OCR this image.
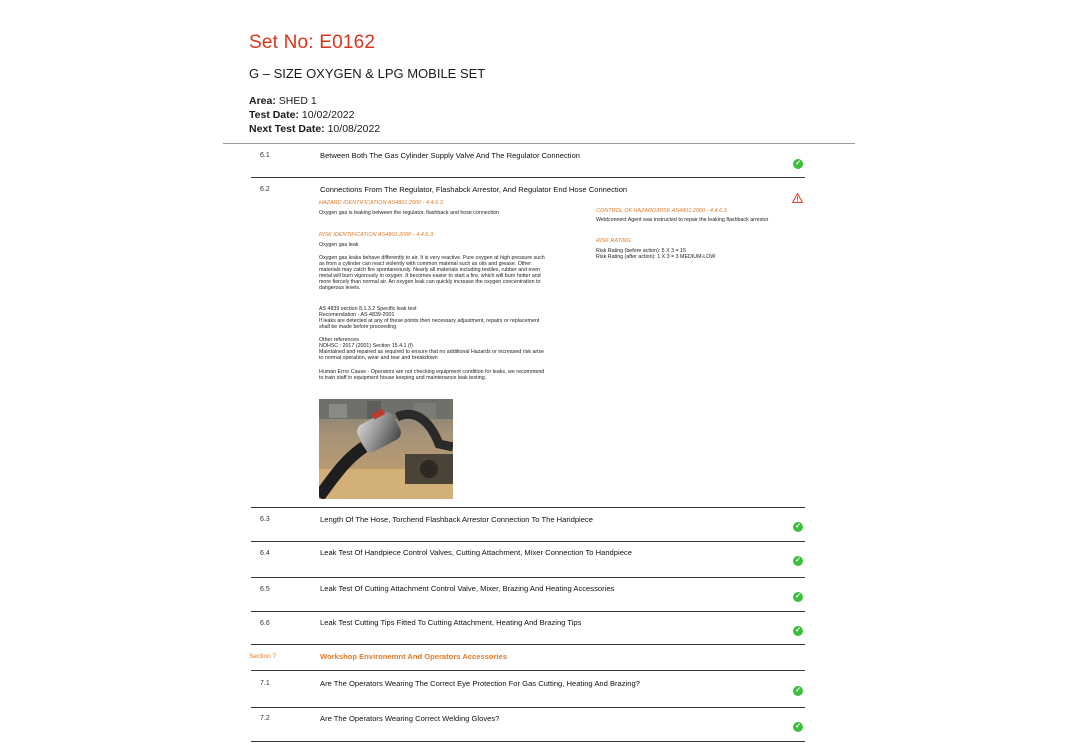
Set No: E0162
G – SIZE OXYGEN & LPG MOBILE SET
Area: SHED 1
Test Date: 10/02/2022
Next Test Date: 10/08/2022
6.1	Between Both The Gas Cylinder Supply Valve And The Regulator Connection
✓
6.2	Connections From The Regulator, Flashabck Arrestor, And Regulator End Hose Connection
HAZARD IDENTIFICATION AS4801:2000 - 4.4.6.3
Oxygen gas is leaking between the regulator, flashback and hose connection
RISK IDENTIFICATION AS4801:2000 - 4.4.6.3
Oxygen gas leak
Oxygen gas leaks behave differently to air. It is very reactive. Pure oxygen at high pressure such as from a cylinder can react violently with common material such as oils and grease. Other materials may catch fire spontaneously. Nearly all materials including textiles, rubber and even metal will burn vigorously in oxygen. It becomes easier to start a fire, which will burn hotter and more fiercely than normal air. An oxygen leak can quickly increase the oxygen concentration to dangerous levels.
AS 4839 section 8.1.3.2 Specific leak test
Recomendation - AS 4839-2001
If leaks are detected at any of these points then necessary adjustment, repairs or replacement shall be made before proceeding
Other references
NOHSC : 2017 (2001) Section 15.4.1 (f)
Maintained and repaired as required to ensure that no additional Hazards or increased risk arise to normal operation, wear and tear and breakdown
Human Error Cause - Operators are not checking equipment condition for leaks, we recommend to train staff in equipment house keeping and maintenance leak testing.
CONTROL OF HAZARD/RISK AS4801:2000 - 4.4.6.3
Weldconnect Agent was instructed to repair the leaking flashback arrestor
RISK RATING
Risk Rating (before action): 5 X 3 = 15
Risk Rating (after action): 1 X 3 = 3 MEDIUM-LOW
6.3	Length Of The Hose, Torchend Flashback Arrestor Connection To The Handpiece
✓
6.4	Leak Test Of Handpiece Control Valves, Cutting Attachment, Mixer Connection To Handpiece
✓
6.5	Leak Test Of Cutting Attachment Control Valve, Mixer, Brazing And Heating Accessories
✓
6.6	Leak Test Cutting Tips Fitted To Cutting Attachment, Heating And Brazing Tips
✓
Section 7	Workshop Environemnt And Operators Accessories
7.1	Are The Operators Wearing The Correct Eye Protection For Gas Cutting, Heating And Brazing?
✓
7.2	Are The Operators Wearing Correct Welding Gloves?
✓
